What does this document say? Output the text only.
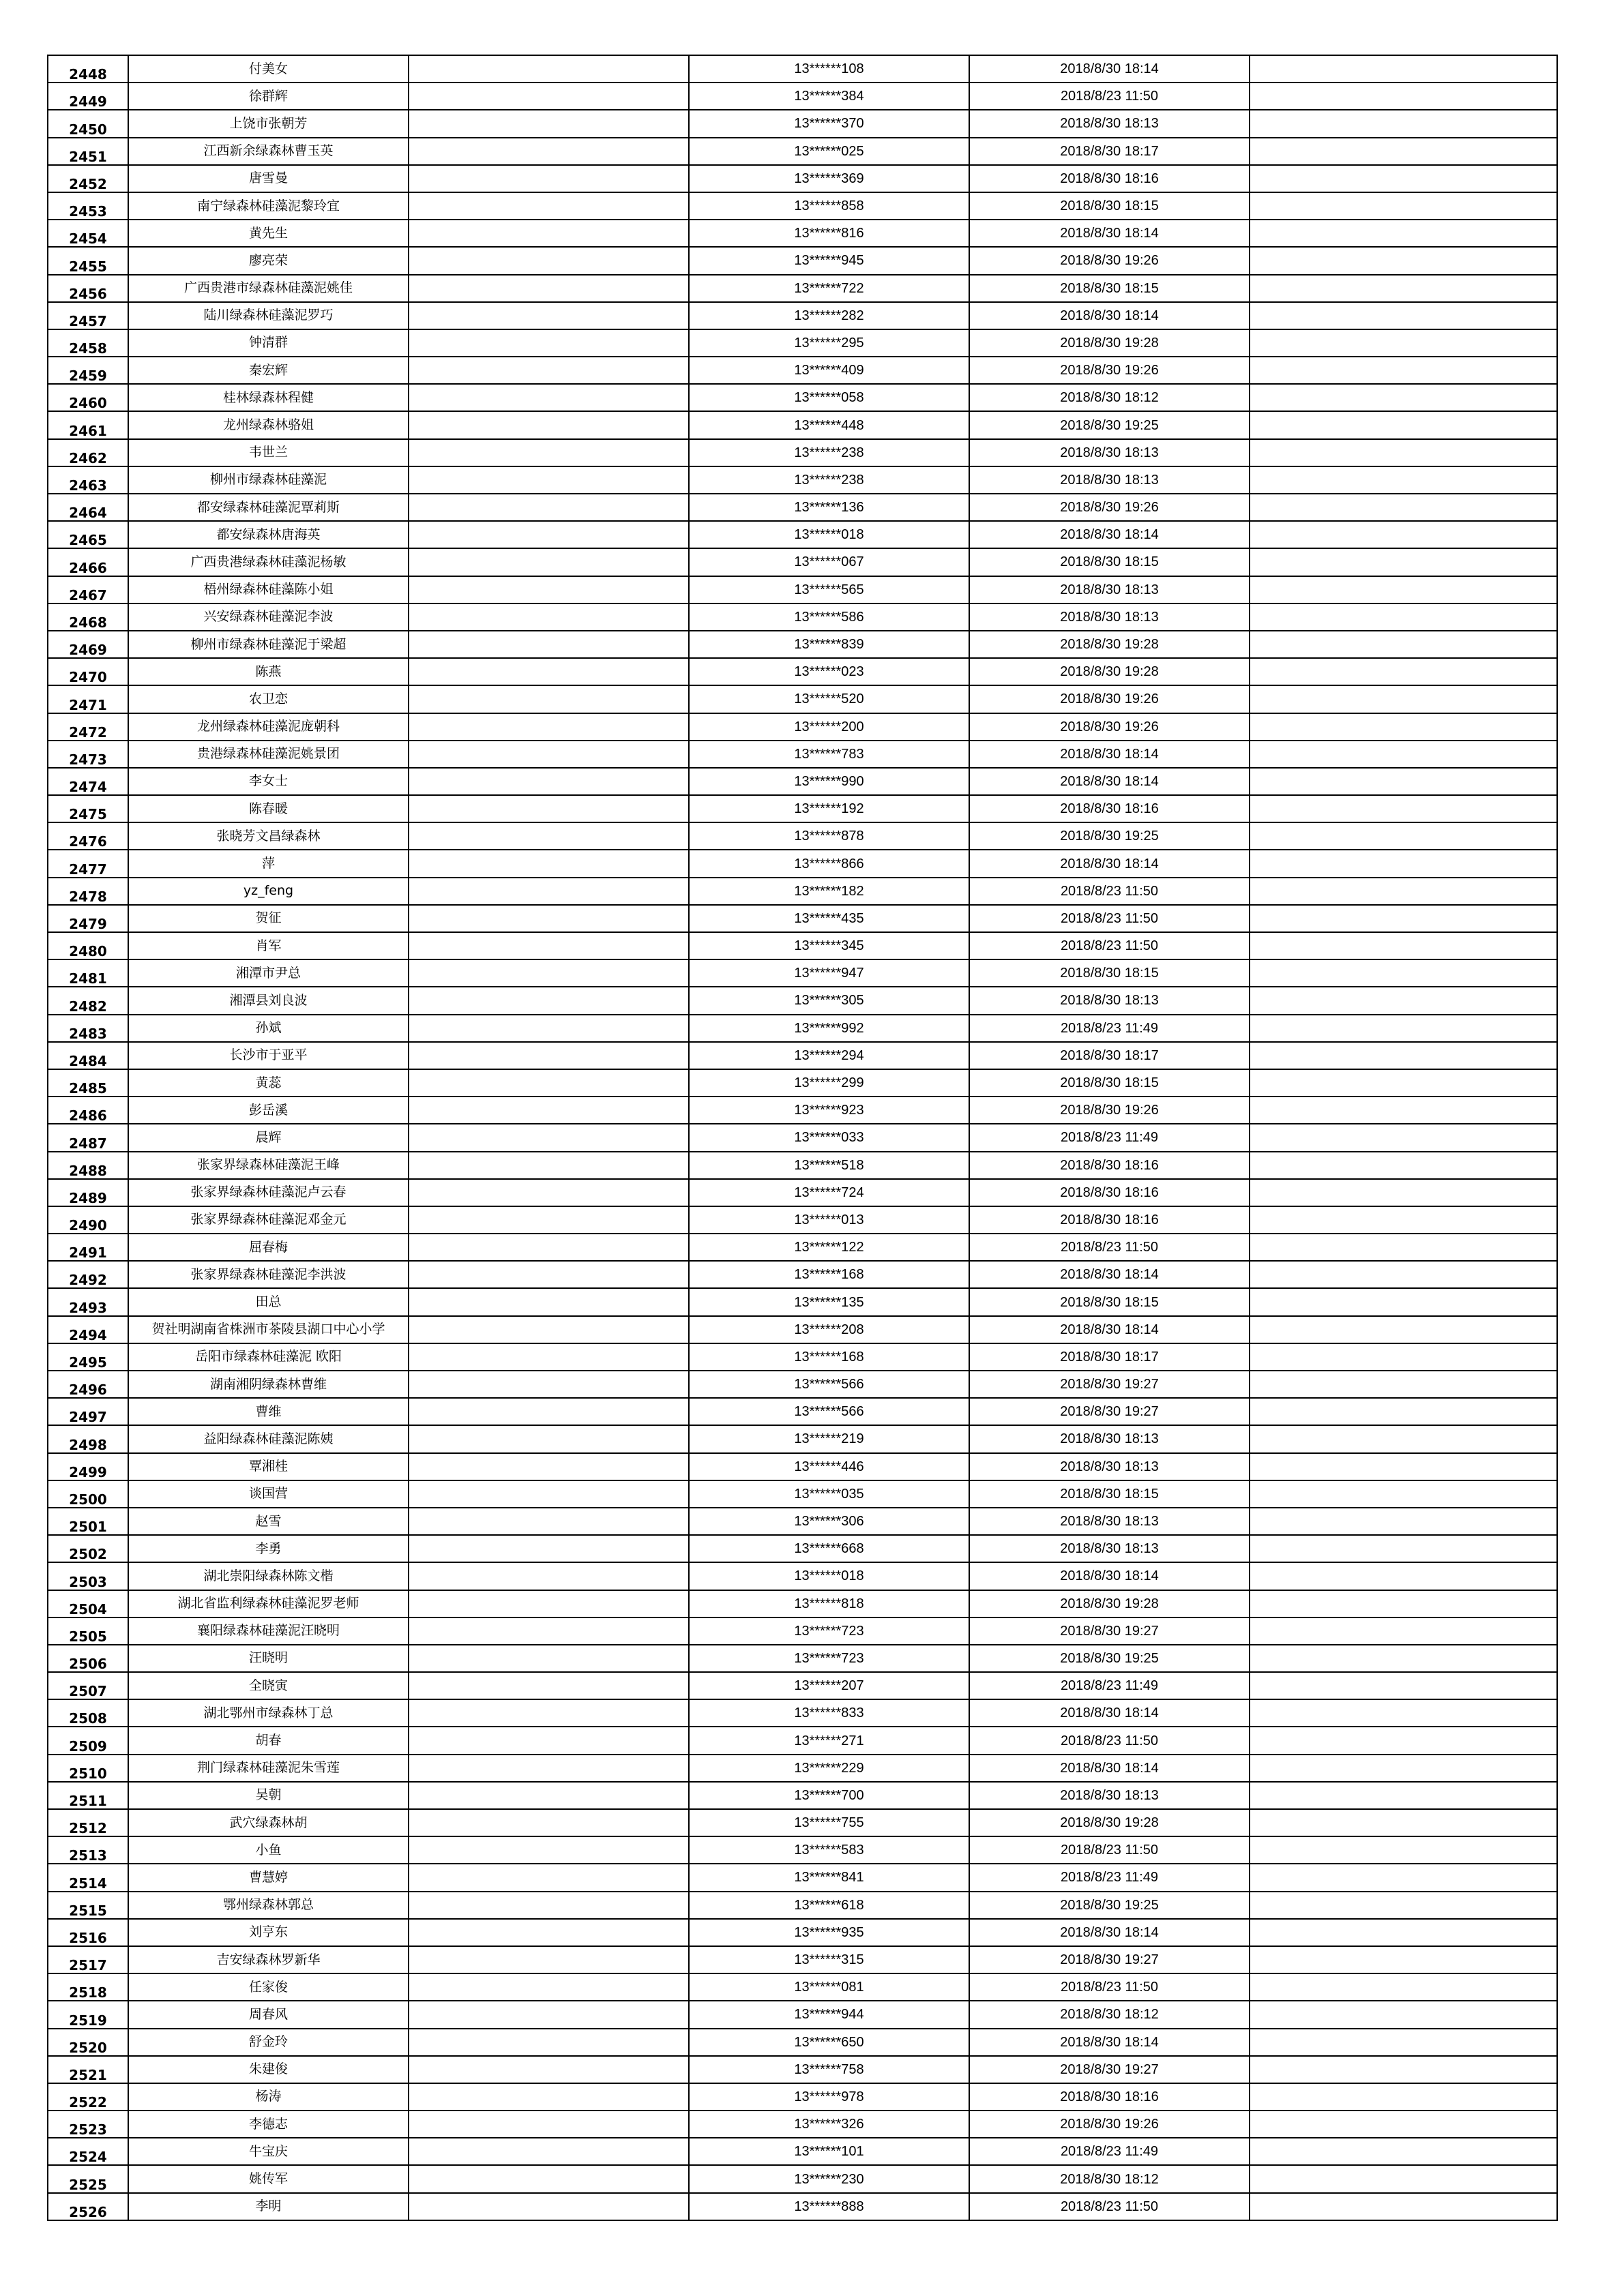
2448	付美女		13******108	2018/8/30 18:14	
2449	徐群辉		13******384	2018/8/23 11:50	
2450	上饶市张朝芳		13******370	2018/8/30 18:13	
2451	江西新余绿森林曹玉英		13******025	2018/8/30 18:17	
2452	唐雪曼		13******369	2018/8/30 18:16	
2453	南宁绿森林硅藻泥黎玲宜		13******858	2018/8/30 18:15	
2454	黄先生		13******816	2018/8/30 18:14	
2455	廖亮荣		13******945	2018/8/30 19:26	
2456	广西贵港市绿森林硅藻泥姚佳		13******722	2018/8/30 18:15	
2457	陆川绿森林硅藻泥罗巧		13******282	2018/8/30 18:14	
2458	钟清群		13******295	2018/8/30 19:28	
2459	秦宏辉		13******409	2018/8/30 19:26	
2460	桂林绿森林程健		13******058	2018/8/30 18:12	
2461	龙州绿森林骆姐		13******448	2018/8/30 19:25	
2462	韦世兰		13******238	2018/8/30 18:13	
2463	柳州市绿森林硅藻泥		13******238	2018/8/30 18:13	
2464	都安绿森林硅藻泥覃莉斯		13******136	2018/8/30 19:26	
2465	都安绿森林唐海英		13******018	2018/8/30 18:14	
2466	广西贵港绿森林硅藻泥杨敏		13******067	2018/8/30 18:15	
2467	梧州绿森林硅藻陈小姐		13******565	2018/8/30 18:13	
2468	兴安绿森林硅藻泥李波		13******586	2018/8/30 18:13	
2469	柳州市绿森林硅藻泥于梁超		13******839	2018/8/30 19:28	
2470	陈燕		13******023	2018/8/30 19:28	
2471	农卫恋		13******520	2018/8/30 19:26	
2472	龙州绿森林硅藻泥庞朝科		13******200	2018/8/30 19:26	
2473	贵港绿森林硅藻泥姚景团		13******783	2018/8/30 18:14	
2474	李女士		13******990	2018/8/30 18:14	
2475	陈春暖		13******192	2018/8/30 18:16	
2476	张晓芳文昌绿森林		13******878	2018/8/30 19:25	
2477	萍		13******866	2018/8/30 18:14	
2478	yz_feng		13******182	2018/8/23 11:50	
2479	贺征		13******435	2018/8/23 11:50	
2480	肖军		13******345	2018/8/23 11:50	
2481	湘潭市尹总		13******947	2018/8/30 18:15	
2482	湘潭县刘良波		13******305	2018/8/30 18:13	
2483	孙斌		13******992	2018/8/23 11:49	
2484	长沙市于亚平		13******294	2018/8/30 18:17	
2485	黄蕊		13******299	2018/8/30 18:15	
2486	彭岳溪		13******923	2018/8/30 19:26	
2487	晨辉		13******033	2018/8/23 11:49	
2488	张家界绿森林硅藻泥王峰		13******518	2018/8/30 18:16	
2489	张家界绿森林硅藻泥卢云春		13******724	2018/8/30 18:16	
2490	张家界绿森林硅藻泥邓金元		13******013	2018/8/30 18:16	
2491	屈春梅		13******122	2018/8/23 11:50	
2492	张家界绿森林硅藻泥李洪波		13******168	2018/8/30 18:14	
2493	田总		13******135	2018/8/30 18:15	
2494	贺社明湖南省株洲市茶陵县湖口中心小学		13******208	2018/8/30 18:14	
2495	岳阳市绿森林硅藻泥 欧阳		13******168	2018/8/30 18:17	
2496	湖南湘阴绿森林曹维		13******566	2018/8/30 19:27	
2497	曹维		13******566	2018/8/30 19:27	
2498	益阳绿森林硅藻泥陈姨		13******219	2018/8/30 18:13	
2499	覃湘桂		13******446	2018/8/30 18:13	
2500	谈国营		13******035	2018/8/30 18:15	
2501	赵雪		13******306	2018/8/30 18:13	
2502	李勇		13******668	2018/8/30 18:13	
2503	湖北崇阳绿森林陈文楷		13******018	2018/8/30 18:14	
2504	湖北省监利绿森林硅藻泥罗老师		13******818	2018/8/30 19:28	
2505	襄阳绿森林硅藻泥汪晓明		13******723	2018/8/30 19:27	
2506	汪晓明		13******723	2018/8/30 19:25	
2507	全晓寅		13******207	2018/8/23 11:49	
2508	湖北鄂州市绿森林丁总		13******833	2018/8/30 18:14	
2509	胡春		13******271	2018/8/23 11:50	
2510	荆门绿森林硅藻泥朱雪莲		13******229	2018/8/30 18:14	
2511	吴朝		13******700	2018/8/30 18:13	
2512	武穴绿森林胡		13******755	2018/8/30 19:28	
2513	小鱼		13******583	2018/8/23 11:50	
2514	曹慧婷		13******841	2018/8/23 11:49	
2515	鄂州绿森林郭总		13******618	2018/8/30 19:25	
2516	刘亨东		13******935	2018/8/30 18:14	
2517	吉安绿森林罗新华		13******315	2018/8/30 19:27	
2518	任家俊		13******081	2018/8/23 11:50	
2519	周春风		13******944	2018/8/30 18:12	
2520	舒金玲		13******650	2018/8/30 18:14	
2521	朱建俊		13******758	2018/8/30 19:27	
2522	杨涛		13******978	2018/8/30 18:16	
2523	李德志		13******326	2018/8/30 19:26	
2524	牛宝庆		13******101	2018/8/23 11:49	
2525	姚传军		13******230	2018/8/30 18:12	
2526	李明		13******888	2018/8/23 11:50	
